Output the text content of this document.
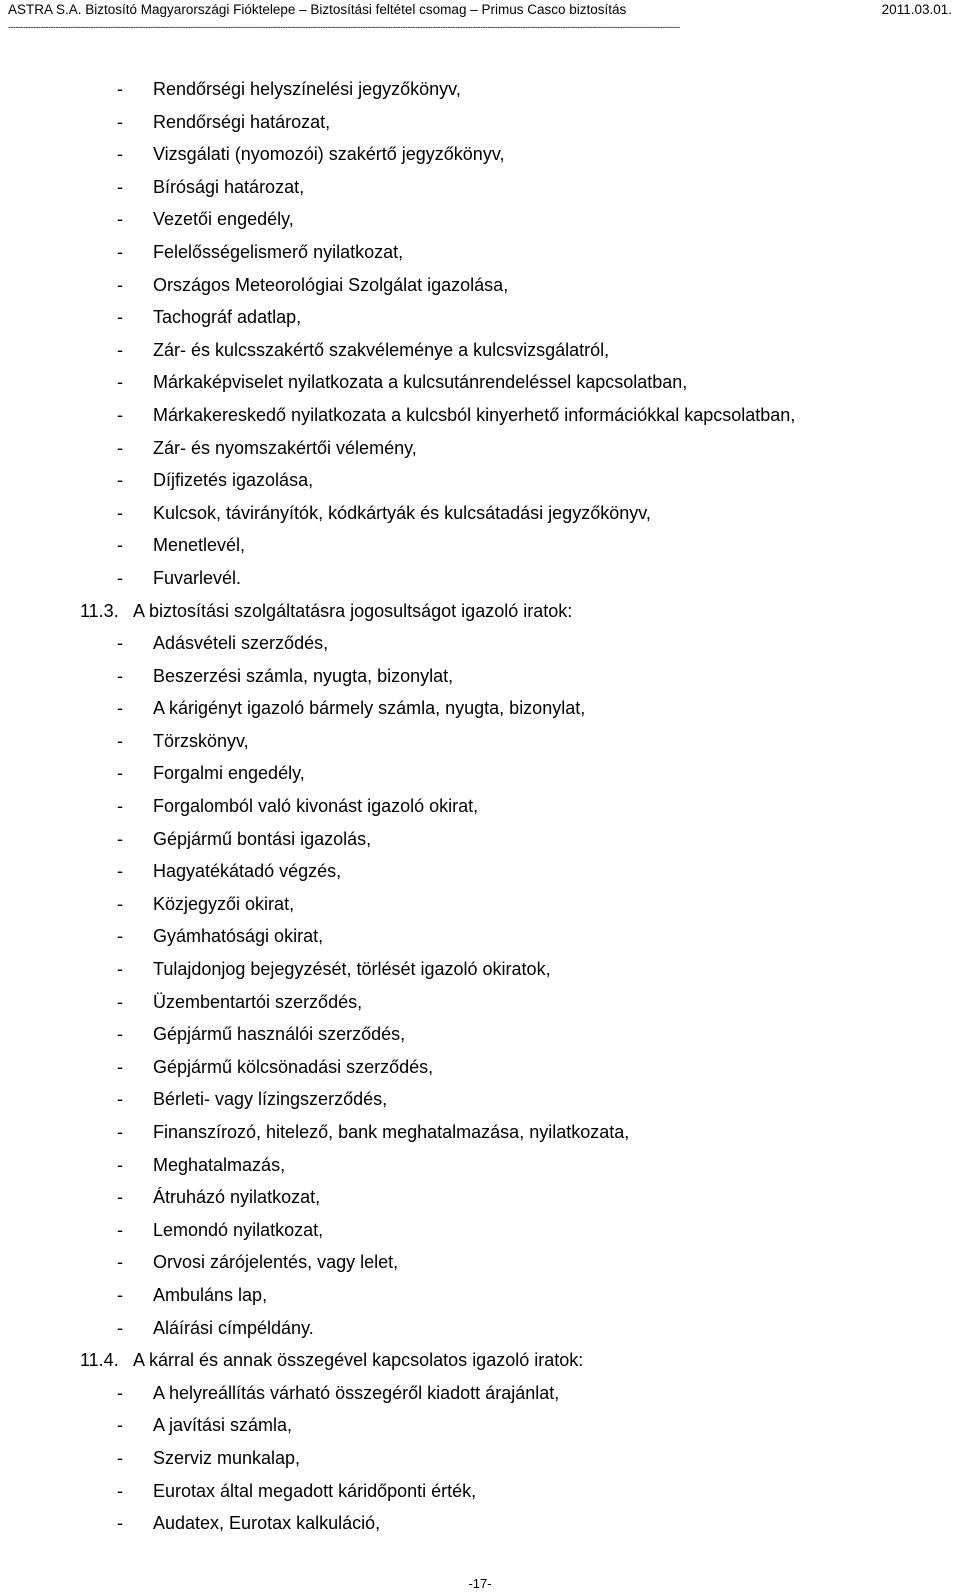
ASTRA S.A. Biztosító Magyarországi Fióktelepe – Biztosítási feltétel csomag – Primus Casco biztosítás	2011.03.01.
-----------------------------------------------------------------------------------------------------------------------------------------------------------------------------------------------------------------------------------------------------------------------------
- Rendőrségi helyszínelési jegyzőkönyv,
- Rendőrségi határozat,
- Vizsgálati (nyomozói) szakértő jegyzőkönyv,
- Bírósági határozat,
- Vezetői engedély,
- Felelősségelismerő nyilatkozat,
- Országos Meteorológiai Szolgálat igazolása,
- Tachográf adatlap,
- Zár- és kulcsszakértő szakvéleménye a kulcsvizsgálatról,
- Márkaképviselet nyilatkozata a kulcsutánrendeléssel kapcsolatban,
- Márkakereskedő nyilatkozata a kulcsból kinyerhető információkkal kapcsolatban,
- Zár- és nyomszakértői vélemény,
- Díjfizetés igazolása,
- Kulcsok, távirányítók, kódkártyák és kulcsátadási jegyzőkönyv,
- Menetlevél,
- Fuvarlevél.
11.3. A biztosítási szolgáltatásra jogosultságot igazoló iratok:
- Adásvételi szerződés,
- Beszerzési számla, nyugta, bizonylat,
- A kárigényt igazoló bármely számla, nyugta, bizonylat,
- Törzskönyv,
- Forgalmi engedély,
- Forgalomból való kivonást igazoló okirat,
- Gépjármű bontási igazolás,
- Hagyatékátadó végzés,
- Közjegyzői okirat,
- Gyámhatósági okirat,
- Tulajdonjog bejegyzését, törlését igazoló okiratok,
- Üzembentartói szerződés,
- Gépjármű használói szerződés,
- Gépjármű kölcsönadási szerződés,
- Bérleti- vagy lízingszerződés,
- Finanszírozó, hitelező, bank meghatalmazása, nyilatkozata,
- Meghatalmazás,
- Átruházó nyilatkozat,
- Lemondó nyilatkozat,
- Orvosi zárójelentés, vagy lelet,
- Ambuláns lap,
- Aláírási címpéldány.
11.4. A kárral és annak összegével kapcsolatos igazoló iratok:
- A helyreállítás várható összegéről kiadott árajánlat,
- A javítási számla,
- Szerviz munkalap,
- Eurotax által megadott káridőponti érték,
- Audatex, Eurotax kalkuláció,
-17-
